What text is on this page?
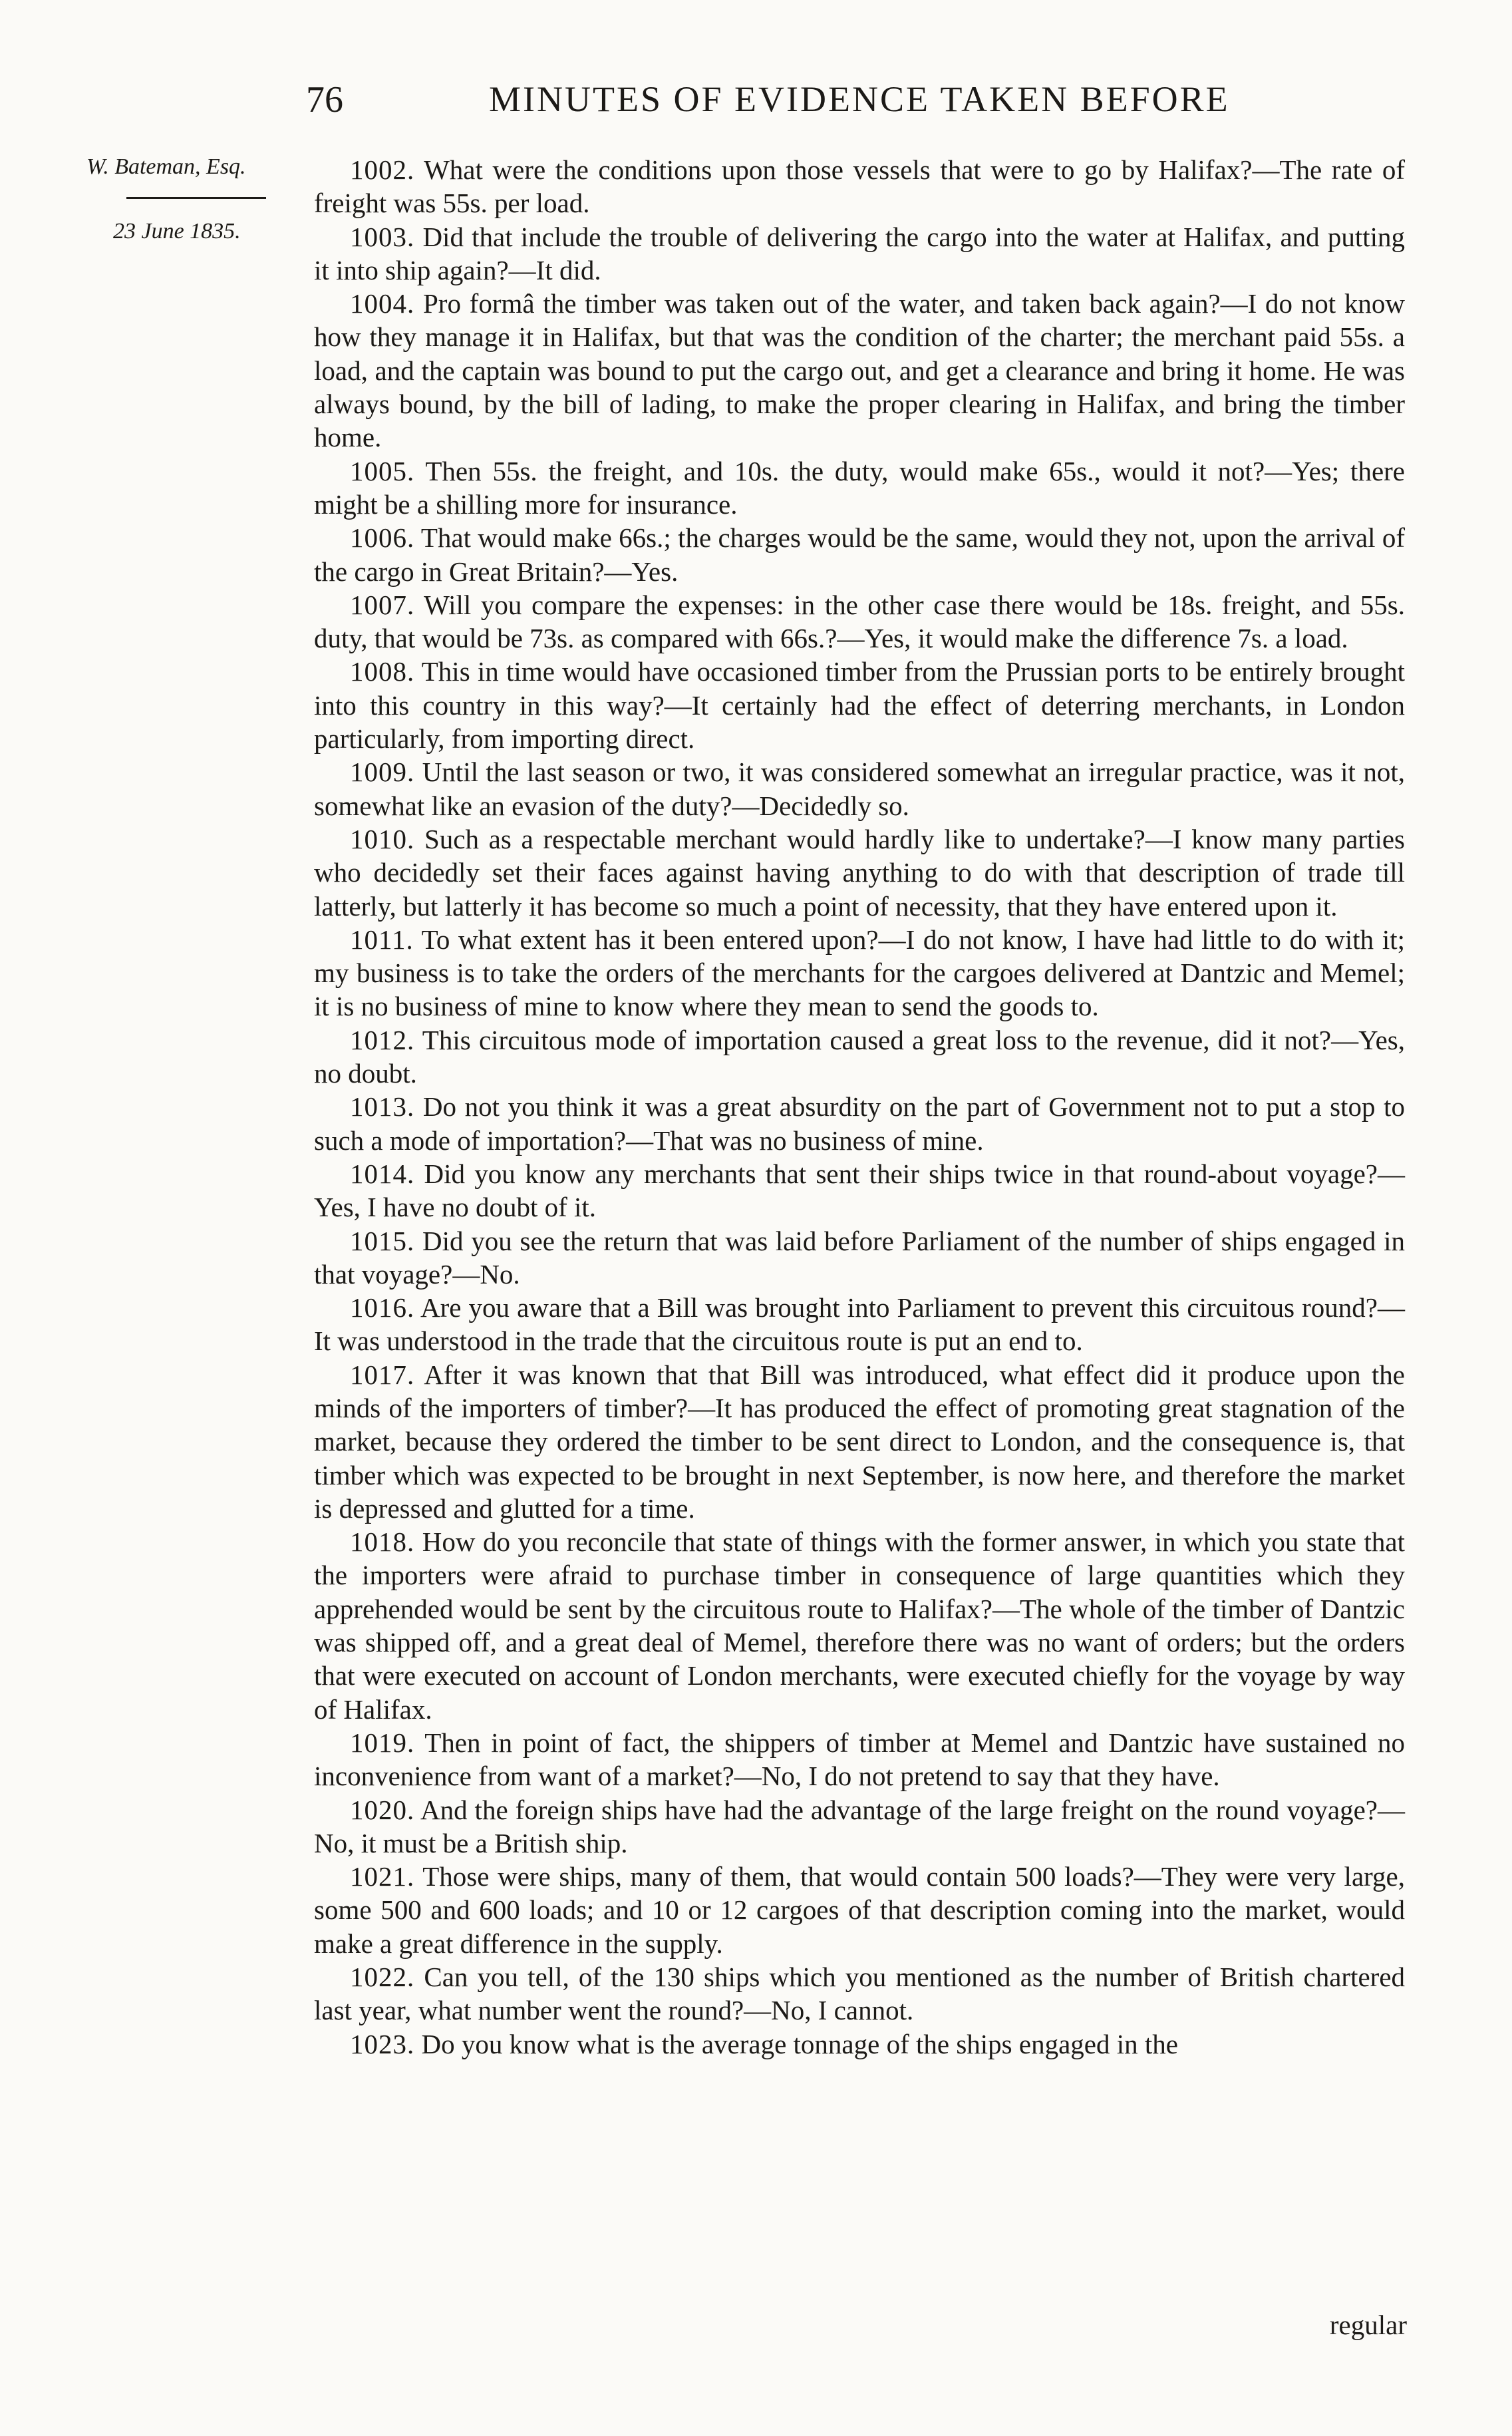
76	MINUTES OF EVIDENCE TAKEN BEFORE
W. Bateman, Esq.
23 June 1835.

1002. What were the conditions upon those vessels that were to go by Halifax?—The rate of freight was 55s. per load.

1003. Did that include the trouble of delivering the cargo into the water at Halifax, and putting it into ship again?—It did.

1004. Pro formâ the timber was taken out of the water, and taken back again?—I do not know how they manage it in Halifax, but that was the condition of the charter; the merchant paid 55s. a load, and the captain was bound to put the cargo out, and get a clearance and bring it home. He was always bound, by the bill of lading, to make the proper clearing in Halifax, and bring the timber home.

1005. Then 55s. the freight, and 10s. the duty, would make 65s., would it not?—Yes; there might be a shilling more for insurance.

1006. That would make 66s.; the charges would be the same, would they not, upon the arrival of the cargo in Great Britain?—Yes.

1007. Will you compare the expenses: in the other case there would be 18s. freight, and 55s. duty, that would be 73s. as compared with 66s.?—Yes, it would make the difference 7s. a load.

1008. This in time would have occasioned timber from the Prussian ports to be entirely brought into this country in this way?—It certainly had the effect of deterring merchants, in London particularly, from importing direct.

1009. Until the last season or two, it was considered somewhat an irregular practice, was it not, somewhat like an evasion of the duty?—Decidedly so.

1010. Such as a respectable merchant would hardly like to undertake?—I know many parties who decidedly set their faces against having anything to do with that description of trade till latterly, but latterly it has become so much a point of necessity, that they have entered upon it.

1011. To what extent has it been entered upon?—I do not know, I have had little to do with it; my business is to take the orders of the merchants for the cargoes delivered at Dantzic and Memel; it is no business of mine to know where they mean to send the goods to.

1012. This circuitous mode of importation caused a great loss to the revenue, did it not?—Yes, no doubt.

1013. Do not you think it was a great absurdity on the part of Government not to put a stop to such a mode of importation?—That was no business of mine.

1014. Did you know any merchants that sent their ships twice in that round-about voyage?—Yes, I have no doubt of it.

1015. Did you see the return that was laid before Parliament of the number of ships engaged in that voyage?—No.

1016. Are you aware that a Bill was brought into Parliament to prevent this circuitous round?—It was understood in the trade that the circuitous route is put an end to.

1017. After it was known that that Bill was introduced, what effect did it produce upon the minds of the importers of timber?—It has produced the effect of promoting great stagnation of the market, because they ordered the timber to be sent direct to London, and the consequence is, that timber which was expected to be brought in next September, is now here, and therefore the market is depressed and glutted for a time.

1018. How do you reconcile that state of things with the former answer, in which you state that the importers were afraid to purchase timber in consequence of large quantities which they apprehended would be sent by the circuitous route to Halifax?—The whole of the timber of Dantzic was shipped off, and a great deal of Memel, therefore there was no want of orders; but the orders that were executed on account of London merchants, were executed chiefly for the voyage by way of Halifax.

1019. Then in point of fact, the shippers of timber at Memel and Dantzic have sustained no inconvenience from want of a market?—No, I do not pretend to say that they have.

1020. And the foreign ships have had the advantage of the large freight on the round voyage?—No, it must be a British ship.

1021. Those were ships, many of them, that would contain 500 loads?—They were very large, some 500 and 600 loads; and 10 or 12 cargoes of that description coming into the market, would make a great difference in the supply.

1022. Can you tell, of the 130 ships which you mentioned as the number of British chartered last year, what number went the round?—No, I cannot.

1023. Do you know what is the average tonnage of the ships engaged in the

regular
